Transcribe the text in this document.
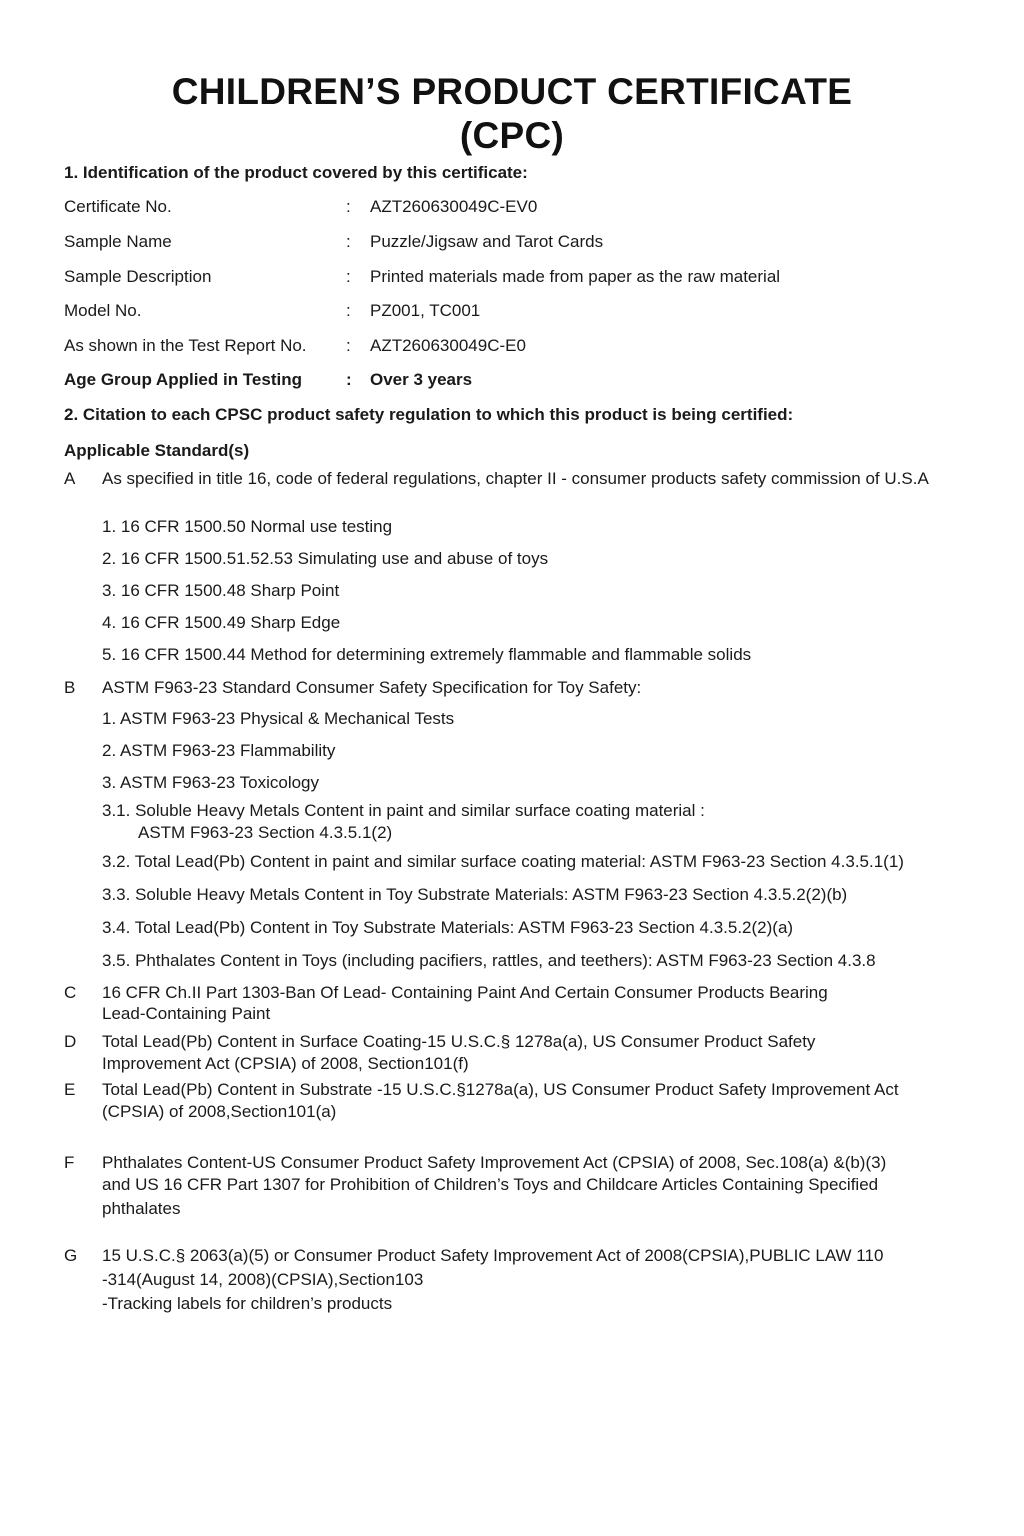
CHILDREN’S PRODUCT CERTIFICATE
(CPC)
1. Identification of the product covered by this certificate:
Certificate No.	: AZT260630049C-EV0
Sample Name	: Puzzle/Jigsaw and Tarot Cards
Sample Description	: Printed materials made from paper as the raw material
Model No.	: PZ001, TC001
As shown in the Test Report No. : AZT260630049C-E0
Age Group Applied in Testing	: Over 3 years
2. Citation to each CPSC product safety regulation to which this product is being certified:
Applicable Standard(s)
A As specified in title 16, code of federal regulations, chapter II - consumer products safety commission of U.S.A
1. 16 CFR 1500.50 Normal use testing
2. 16 CFR 1500.51.52.53 Simulating use and abuse of toys
3. 16 CFR 1500.48 Sharp Point
4. 16 CFR 1500.49 Sharp Edge
5. 16 CFR 1500.44 Method for determining extremely flammable and flammable solids
B ASTM F963-23 Standard Consumer Safety Specification for Toy Safety:
1. ASTM F963-23 Physical & Mechanical Tests
2. ASTM F963-23 Flammability
3. ASTM F963-23 Toxicology
3.1. Soluble Heavy Metals Content in paint and similar surface coating material :
ASTM F963-23 Section 4.3.5.1(2)
3.2. Total Lead(Pb) Content in paint and similar surface coating material: ASTM F963-23 Section 4.3.5.1(1)
3.3. Soluble Heavy Metals Content in Toy Substrate Materials: ASTM F963-23 Section 4.3.5.2(2)(b)
3.4. Total Lead(Pb) Content in Toy Substrate Materials: ASTM F963-23 Section 4.3.5.2(2)(a)
3.5. Phthalates Content in Toys (including pacifiers, rattles, and teethers): ASTM F963-23 Section 4.3.8
C 16 CFR Ch.II Part 1303-Ban Of Lead- Containing Paint And Certain Consumer Products Bearing
Lead-Containing Paint
D Total Lead(Pb) Content in Surface Coating-15 U.S.C.§ 1278a(a), US Consumer Product Safety
Improvement Act (CPSIA) of 2008, Section101(f)
E Total Lead(Pb) Content in Substrate -15 U.S.C.§1278a(a), US Consumer Product Safety Improvement Act
(CPSIA) of 2008,Section101(a)
F Phthalates Content-US Consumer Product Safety Improvement Act (CPSIA) of 2008, Sec.108(a) &(b)(3)
and US 16 CFR Part 1307 for Prohibition of Children’s Toys and Childcare Articles Containing Specified
phthalates
G 15 U.S.C.§ 2063(a)(5) or Consumer Product Safety Improvement Act of 2008(CPSIA),PUBLIC LAW 110
-314(August 14, 2008)(CPSIA),Section103
-Tracking labels for children’s products
